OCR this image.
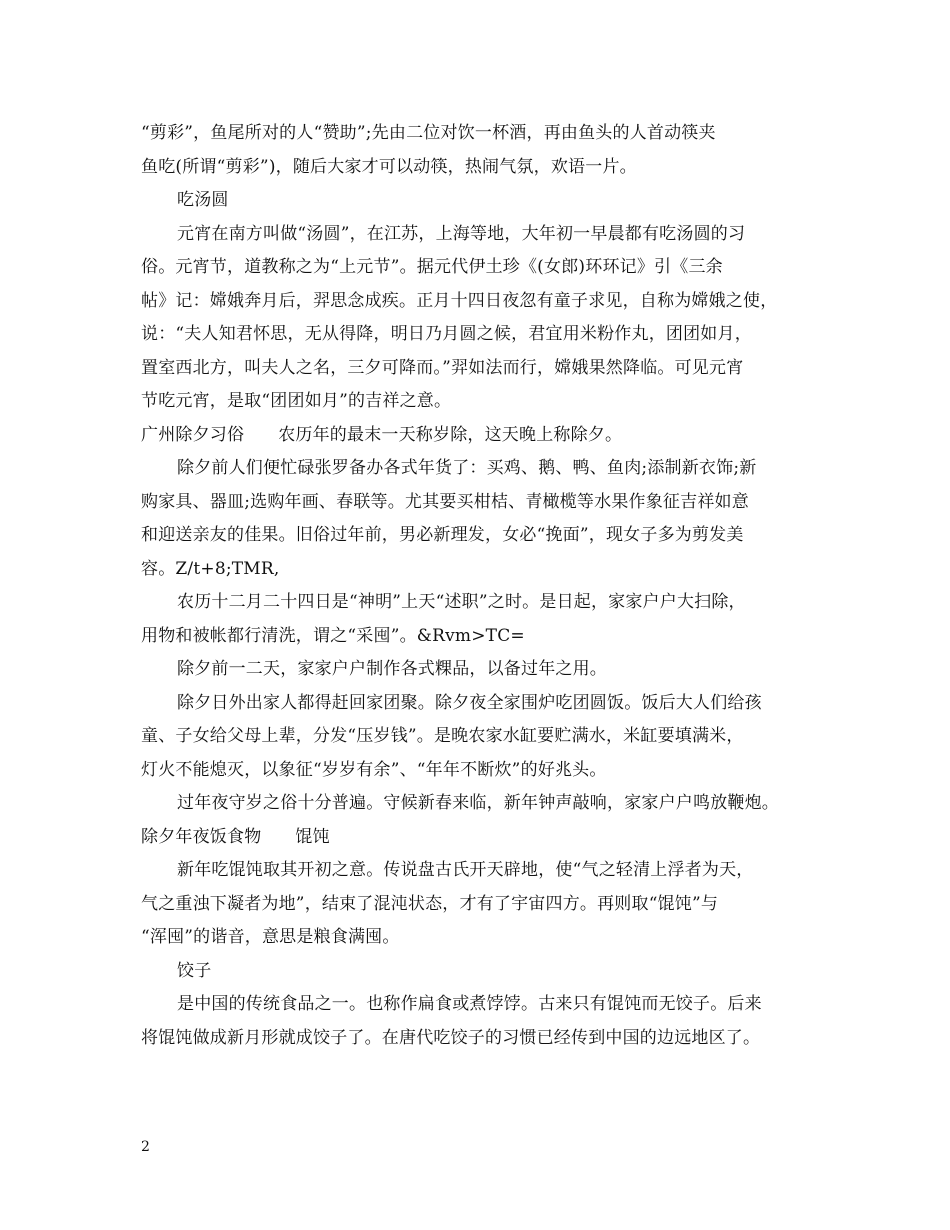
“剪彩”，鱼尾所对的人“赞助”;先由二位对饮一杯酒，再由鱼头的人首动筷夹
鱼吃(所谓“剪彩”)，随后大家才可以动筷，热闹气氛，欢语一片。
吃汤圆
元宵在南方叫做“汤圆”，在江苏，上海等地，大年初一早晨都有吃汤圆的习
俗。元宵节，道教称之为“上元节”。据元代伊土珍《(女郎)环环记》引《三余
帖》记：嫦娥奔月后，羿思念成疾。正月十四日夜忽有童子求见，自称为嫦娥之使，
说：“夫人知君怀思，无从得降，明日乃月圆之候，君宜用米粉作丸，团团如月，
置室西北方，叫夫人之名，三夕可降而。”羿如法而行，嫦娥果然降临。可见元宵
节吃元宵，是取“团团如月”的吉祥之意。
广州除夕习俗 农历年的最末一天称岁除，这天晚上称除夕。
除夕前人们便忙碌张罗备办各式年货了：买鸡、鹅、鸭、鱼肉;添制新衣饰;新
购家具、器皿;选购年画、春联等。尤其要买柑桔、青橄榄等水果作象征吉祥如意
和迎送亲友的佳果。旧俗过年前，男必新理发，女必“挽面”，现女子多为剪发美
容。Z/t+8;TMR,
农历十二月二十四日是“神明”上天“述职”之时。是日起，家家户户大扫除，
用物和被帐都行清洗，谓之“采囤”。&Rvm>TC=
除夕前一二天，家家户户制作各式粿品，以备过年之用。
除夕日外出家人都得赶回家团聚。除夕夜全家围炉吃团圆饭。饭后大人们给孩
童、子女给父母上辈，分发“压岁钱”。是晚农家水缸要贮满水，米缸要填满米，
灯火不能熄灭，以象征“岁岁有余”、“年年不断炊”的好兆头。
过年夜守岁之俗十分普遍。守候新春来临，新年钟声敲响，家家户户鸣放鞭炮。
除夕年夜饭食物 馄饨
新年吃馄饨取其开初之意。传说盘古氏开天辟地，使“气之轻清上浮者为天，
气之重浊下凝者为地”，结束了混沌状态，才有了宇宙四方。再则取“馄饨”与
“浑囤”的谐音，意思是粮食满囤。
饺子
是中国的传统食品之一。也称作扁食或煮饽饽。古来只有馄饨而无饺子。后来
将馄饨做成新月形就成饺子了。在唐代吃饺子的习惯已经传到中国的边远地区了。
2
